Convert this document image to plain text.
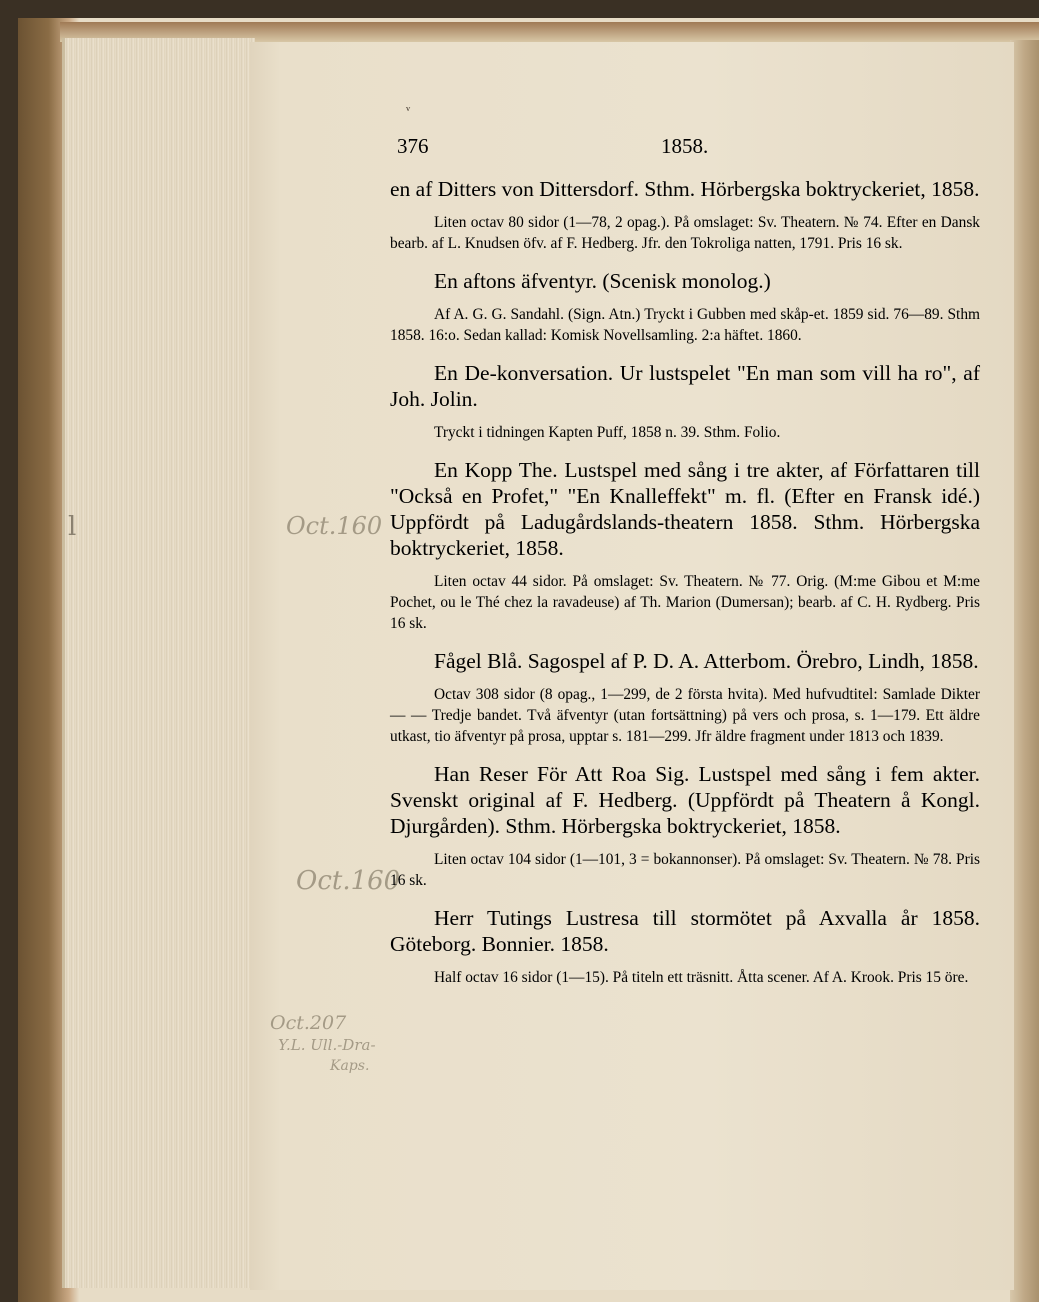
ᵛ
376	1858.
l	Oct.160
Oct.160
Oct.207
Y.L. Ull.-Dra-
Kaps.

en af Ditters von Dittersdorf. Sthm. Hörbergska boktryckeriet, 1858.

Liten octav 80 sidor (1—78, 2 opag.). På omslaget: Sv. Theatern. № 74. Efter en Dansk bearb. af L. Knudsen öfv. af F. Hedberg. Jfr. den Tokroliga natten, 1791. Pris 16 sk.

En aftons äfventyr. (Scenisk monolog.)

Af A. G. G. Sandahl. (Sign. Atn.) Tryckt i Gubben med skåp-et. 1859 sid. 76—89. Sthm 1858. 16:o. Sedan kallad: Komisk Novellsamling. 2:a häftet. 1860.

En De-konversation. Ur lustspelet "En man som vill ha ro", af Joh. Jolin.

Tryckt i tidningen Kapten Puff, 1858 n. 39. Sthm. Folio.

En Kopp The. Lustspel med sång i tre akter, af Författaren till "Också en Profet," "En Knalleffekt" m. fl. (Efter en Fransk idé.) Uppfördt på Ladugårdslands-theatern 1858. Sthm. Hörbergska boktryckeriet, 1858.

Liten octav 44 sidor. På omslaget: Sv. Theatern. № 77. Orig. (M:me Gibou et M:me Pochet, ou le Thé chez la ravadeuse) af Th. Marion (Dumersan); bearb. af C. H. Rydberg. Pris 16 sk.

Fågel Blå. Sagospel af P. D. A. Atterbom. Örebro, Lindh, 1858.

Octav 308 sidor (8 opag., 1—299, de 2 första hvita). Med hufvudtitel: Samlade Dikter — — Tredje bandet. Två äfventyr (utan fortsättning) på vers och prosa, s. 1—179. Ett äldre utkast, tio äfventyr på prosa, upptar s. 181—299. Jfr äldre fragment under 1813 och 1839.

Han Reser För Att Roa Sig. Lustspel med sång i fem akter. Svenskt original af F. Hedberg. (Uppfördt på Theatern å Kongl. Djurgården). Sthm. Hörbergska boktryckeriet, 1858.

Liten octav 104 sidor (1—101, 3 = bokannonser). På omslaget: Sv. Theatern. № 78. Pris 16 sk.

Herr Tutings Lustresa till stormötet på Axvalla år 1858. Göteborg. Bonnier. 1858.

Half octav 16 sidor (1—15). På titeln ett träsnitt. Åtta scener. Af A. Krook. Pris 15 öre.
